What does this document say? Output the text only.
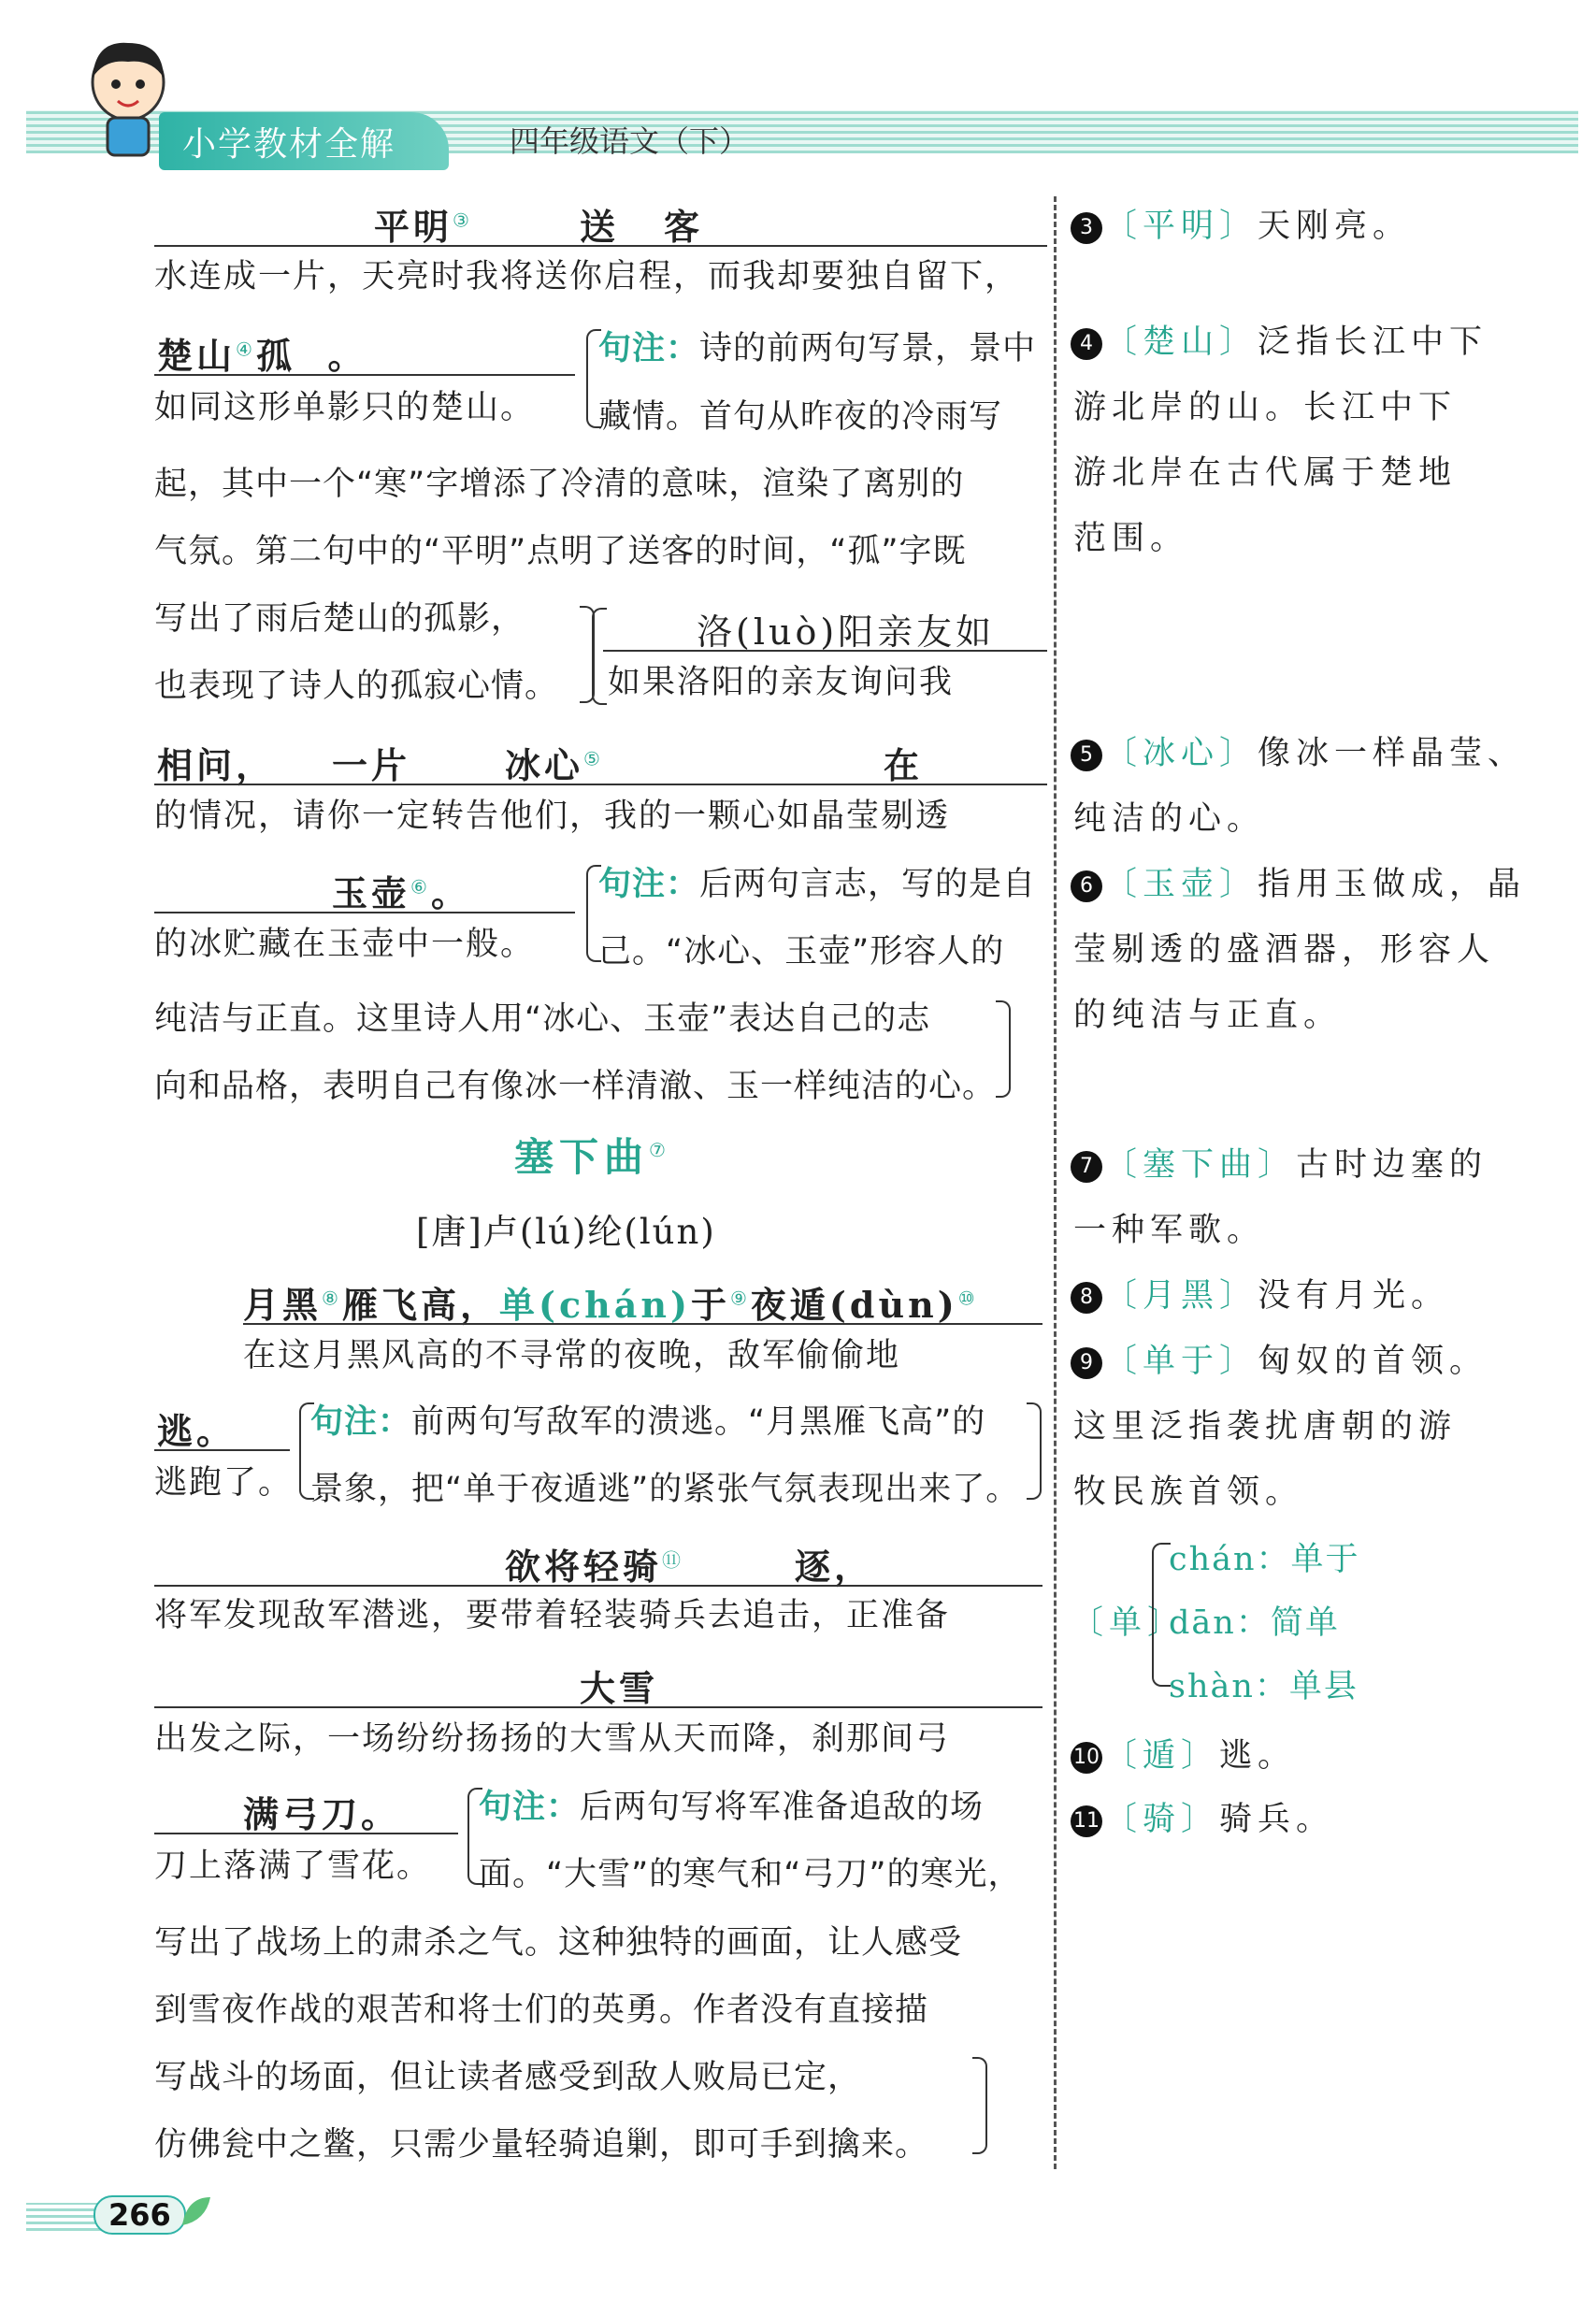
小学教材全解	四年级语文（下）
平明③	送 客
水连成一片，天亮时我将送你启程，而我却要独自留下，
楚山④孤 。
如同这形单影只的楚山。
句注：诗的前两句写景，景中
藏情。首句从昨夜的冷雨写
起，其中一个“寒”字增添了冷清的意味，渲染了离别的
气氛。第二句中的“平明”点明了送客的时间，“孤”字既
写出了雨后楚山的孤影，
也表现了诗人的孤寂心情。
洛(luò)阳亲友如
如果洛阳的亲友询问我
相问， 一片	冰心⑤	在
的情况，请你一定转告他们，我的一颗心如晶莹剔透
玉壶⑥。
的冰贮藏在玉壶中一般。
句注：后两句言志，写的是自
己。“冰心、玉壶”形容人的
纯洁与正直。这里诗人用“冰心、玉壶”表达自己的志
向和品格，表明自己有像冰一样清澈、玉一样纯洁的心。
塞下曲⑦
[唐]卢(lú)纶(lún)
月黑⑧雁飞高，单(chán)于⑨夜遁(dùn)⑩
在这月黑风高的不寻常的夜晚，敌军偷偷地
逃。
逃跑了。
句注：前两句写敌军的溃逃。“月黑雁飞高”的
景象，把“单于夜遁逃”的紧张气氛表现出来了。
欲将轻骑⑪	逐，
将军发现敌军潜逃，要带着轻装骑兵去追击，正准备
大雪
出发之际，一场纷纷扬扬的大雪从天而降，刹那间弓
满弓刀。
刀上落满了雪花。
句注：后两句写将军准备追敌的场
面。“大雪”的寒气和“弓刀”的寒光，
写出了战场上的肃杀之气。这种独特的画面，让人感受
到雪夜作战的艰苦和将士们的英勇。作者没有直接描
写战斗的场面，但让读者感受到敌人败局已定，
仿佛瓮中之鳖，只需少量轻骑追剿，即可手到擒来。
3 〔平明〕天刚亮。
4 〔楚山〕泛指长江中下
游北岸的山。长江中下
游北岸在古代属于楚地
范围。
5 〔冰心〕像冰一样晶莹、
纯洁的心。
6 〔玉壶〕指用玉做成，晶
莹剔透的盛酒器，形容人
的纯洁与正直。
7 〔塞下曲〕古时边塞的
一种军歌。
8 〔月黑〕没有月光。
9 〔单于〕匈奴的首领。
这里泛指袭扰唐朝的游
牧民族首领。
〔单〕
chán：单于
dān：简单
shàn：单县
10 〔遁〕逃。
11 〔骑〕骑兵。
266
